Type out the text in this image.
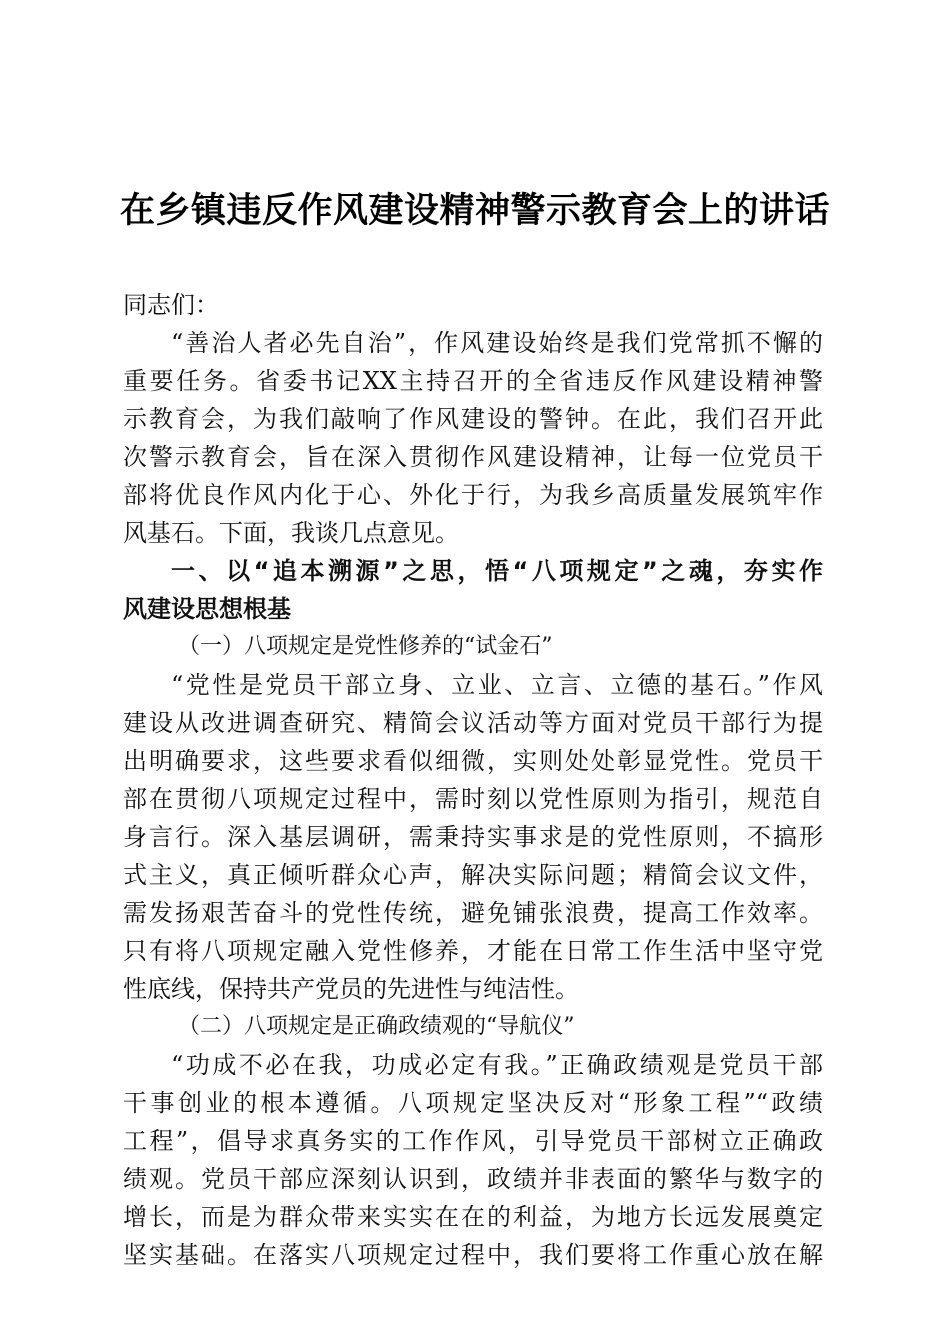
在乡镇违反作风建设精神警示教育会上的讲话
同志们：
“善治人者必先自治”，作风建设始终是我们党常抓不懈的
重要任务。省委书记XX主持召开的全省违反作风建设精神警
示教育会，为我们敲响了作风建设的警钟。在此，我们召开此
次警示教育会，旨在深入贯彻作风建设精神，让每一位党员干
部将优良作风内化于心、外化于行，为我乡高质量发展筑牢作
风基石。下面，我谈几点意见。
一、以“追本溯源”之思，悟“八项规定”之魂，夯实作
风建设思想根基
（一）八项规定是党性修养的“试金石”
“党性是党员干部立身、立业、立言、立德的基石。”作风
建设从改进调查研究、精简会议活动等方面对党员干部行为提
出明确要求，这些要求看似细微，实则处处彰显党性。党员干
部在贯彻八项规定过程中，需时刻以党性原则为指引，规范自
身言行。深入基层调研，需秉持实事求是的党性原则，不搞形
式主义，真正倾听群众心声，解决实际问题；精简会议文件，
需发扬艰苦奋斗的党性传统，避免铺张浪费，提高工作效率。
只有将八项规定融入党性修养，才能在日常工作生活中坚守党
性底线，保持共产党员的先进性与纯洁性。
（二）八项规定是正确政绩观的“导航仪”
“功成不必在我，功成必定有我。”正确政绩观是党员干部
干事创业的根本遵循。八项规定坚决反对“形象工程”“政绩
工程”，倡导求真务实的工作作风，引导党员干部树立正确政
绩观。党员干部应深刻认识到，政绩并非表面的繁华与数字的
增长，而是为群众带来实实在在的利益，为地方长远发展奠定
坚实基础。在落实八项规定过程中，我们要将工作重心放在解
